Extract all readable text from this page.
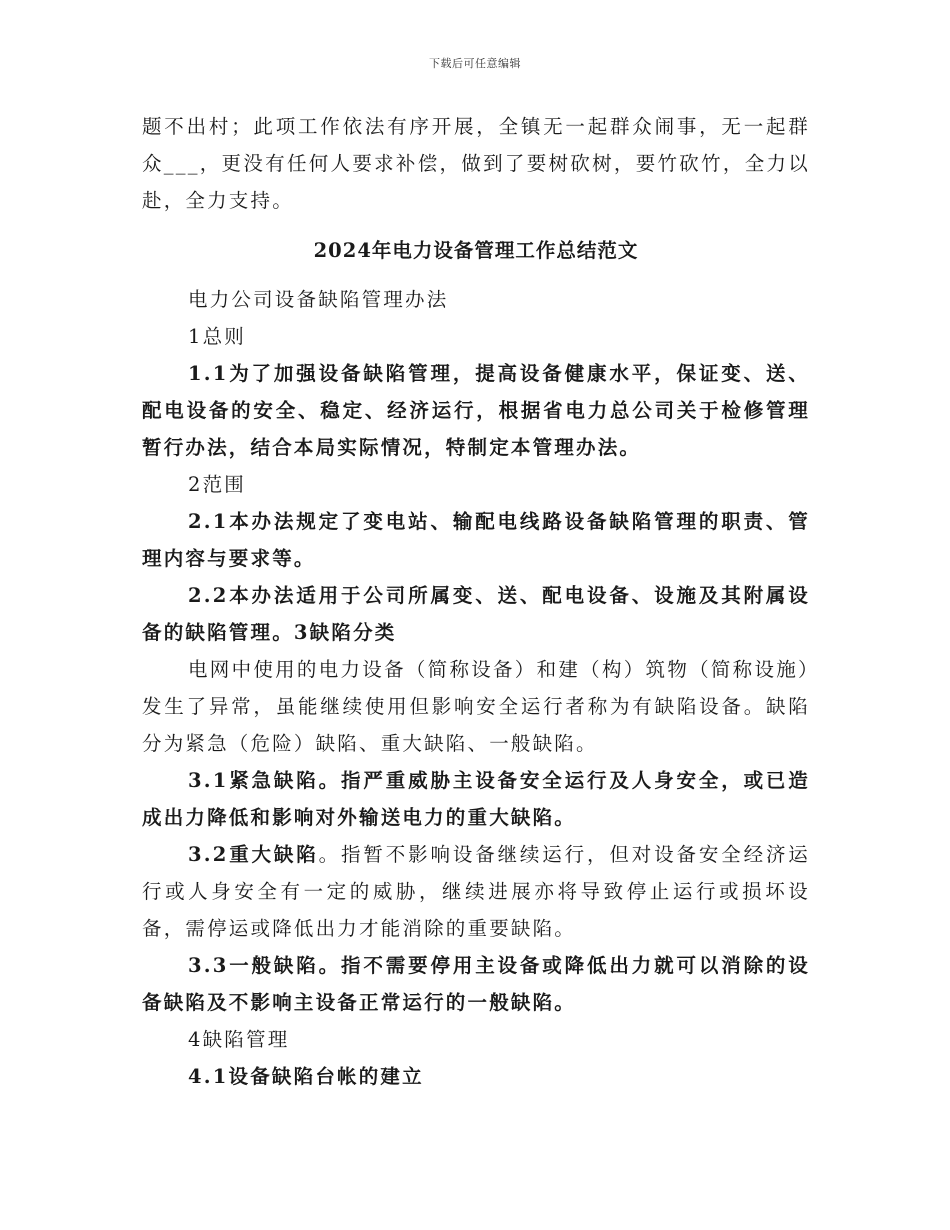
下载后可任意编辑

题不出村；此项工作依法有序开展，全镇无一起群众闹事，无一起群众___，更没有任何人要求补偿，做到了要树砍树，要竹砍竹，全力以赴，全力支持。

2024年电力设备管理工作总结范文

电力公司设备缺陷管理办法

1总则

1.1为了加强设备缺陷管理，提高设备健康水平，保证变、送、配电设备的安全、稳定、经济运行，根据省电力总公司关于检修管理暂行办法，结合本局实际情况，特制定本管理办法。

2范围

2.1本办法规定了变电站、输配电线路设备缺陷管理的职责、管理内容与要求等。

2.2本办法适用于公司所属变、送、配电设备、设施及其附属设备的缺陷管理。3缺陷分类

电网中使用的电力设备（简称设备）和建（构）筑物（简称设施）发生了异常，虽能继续使用但影响安全运行者称为有缺陷设备。缺陷分为紧急（危险）缺陷、重大缺陷、一般缺陷。

3.1紧急缺陷。指严重威胁主设备安全运行及人身安全，或已造成出力降低和影响对外输送电力的重大缺陷。

3.2重大缺陷。指暂不影响设备继续运行，但对设备安全经济运行或人身安全有一定的威胁，继续进展亦将导致停止运行或损坏设备，需停运或降低出力才能消除的重要缺陷。

3.3一般缺陷。指不需要停用主设备或降低出力就可以消除的设备缺陷及不影响主设备正常运行的一般缺陷。

4缺陷管理

4.1设备缺陷台帐的建立
